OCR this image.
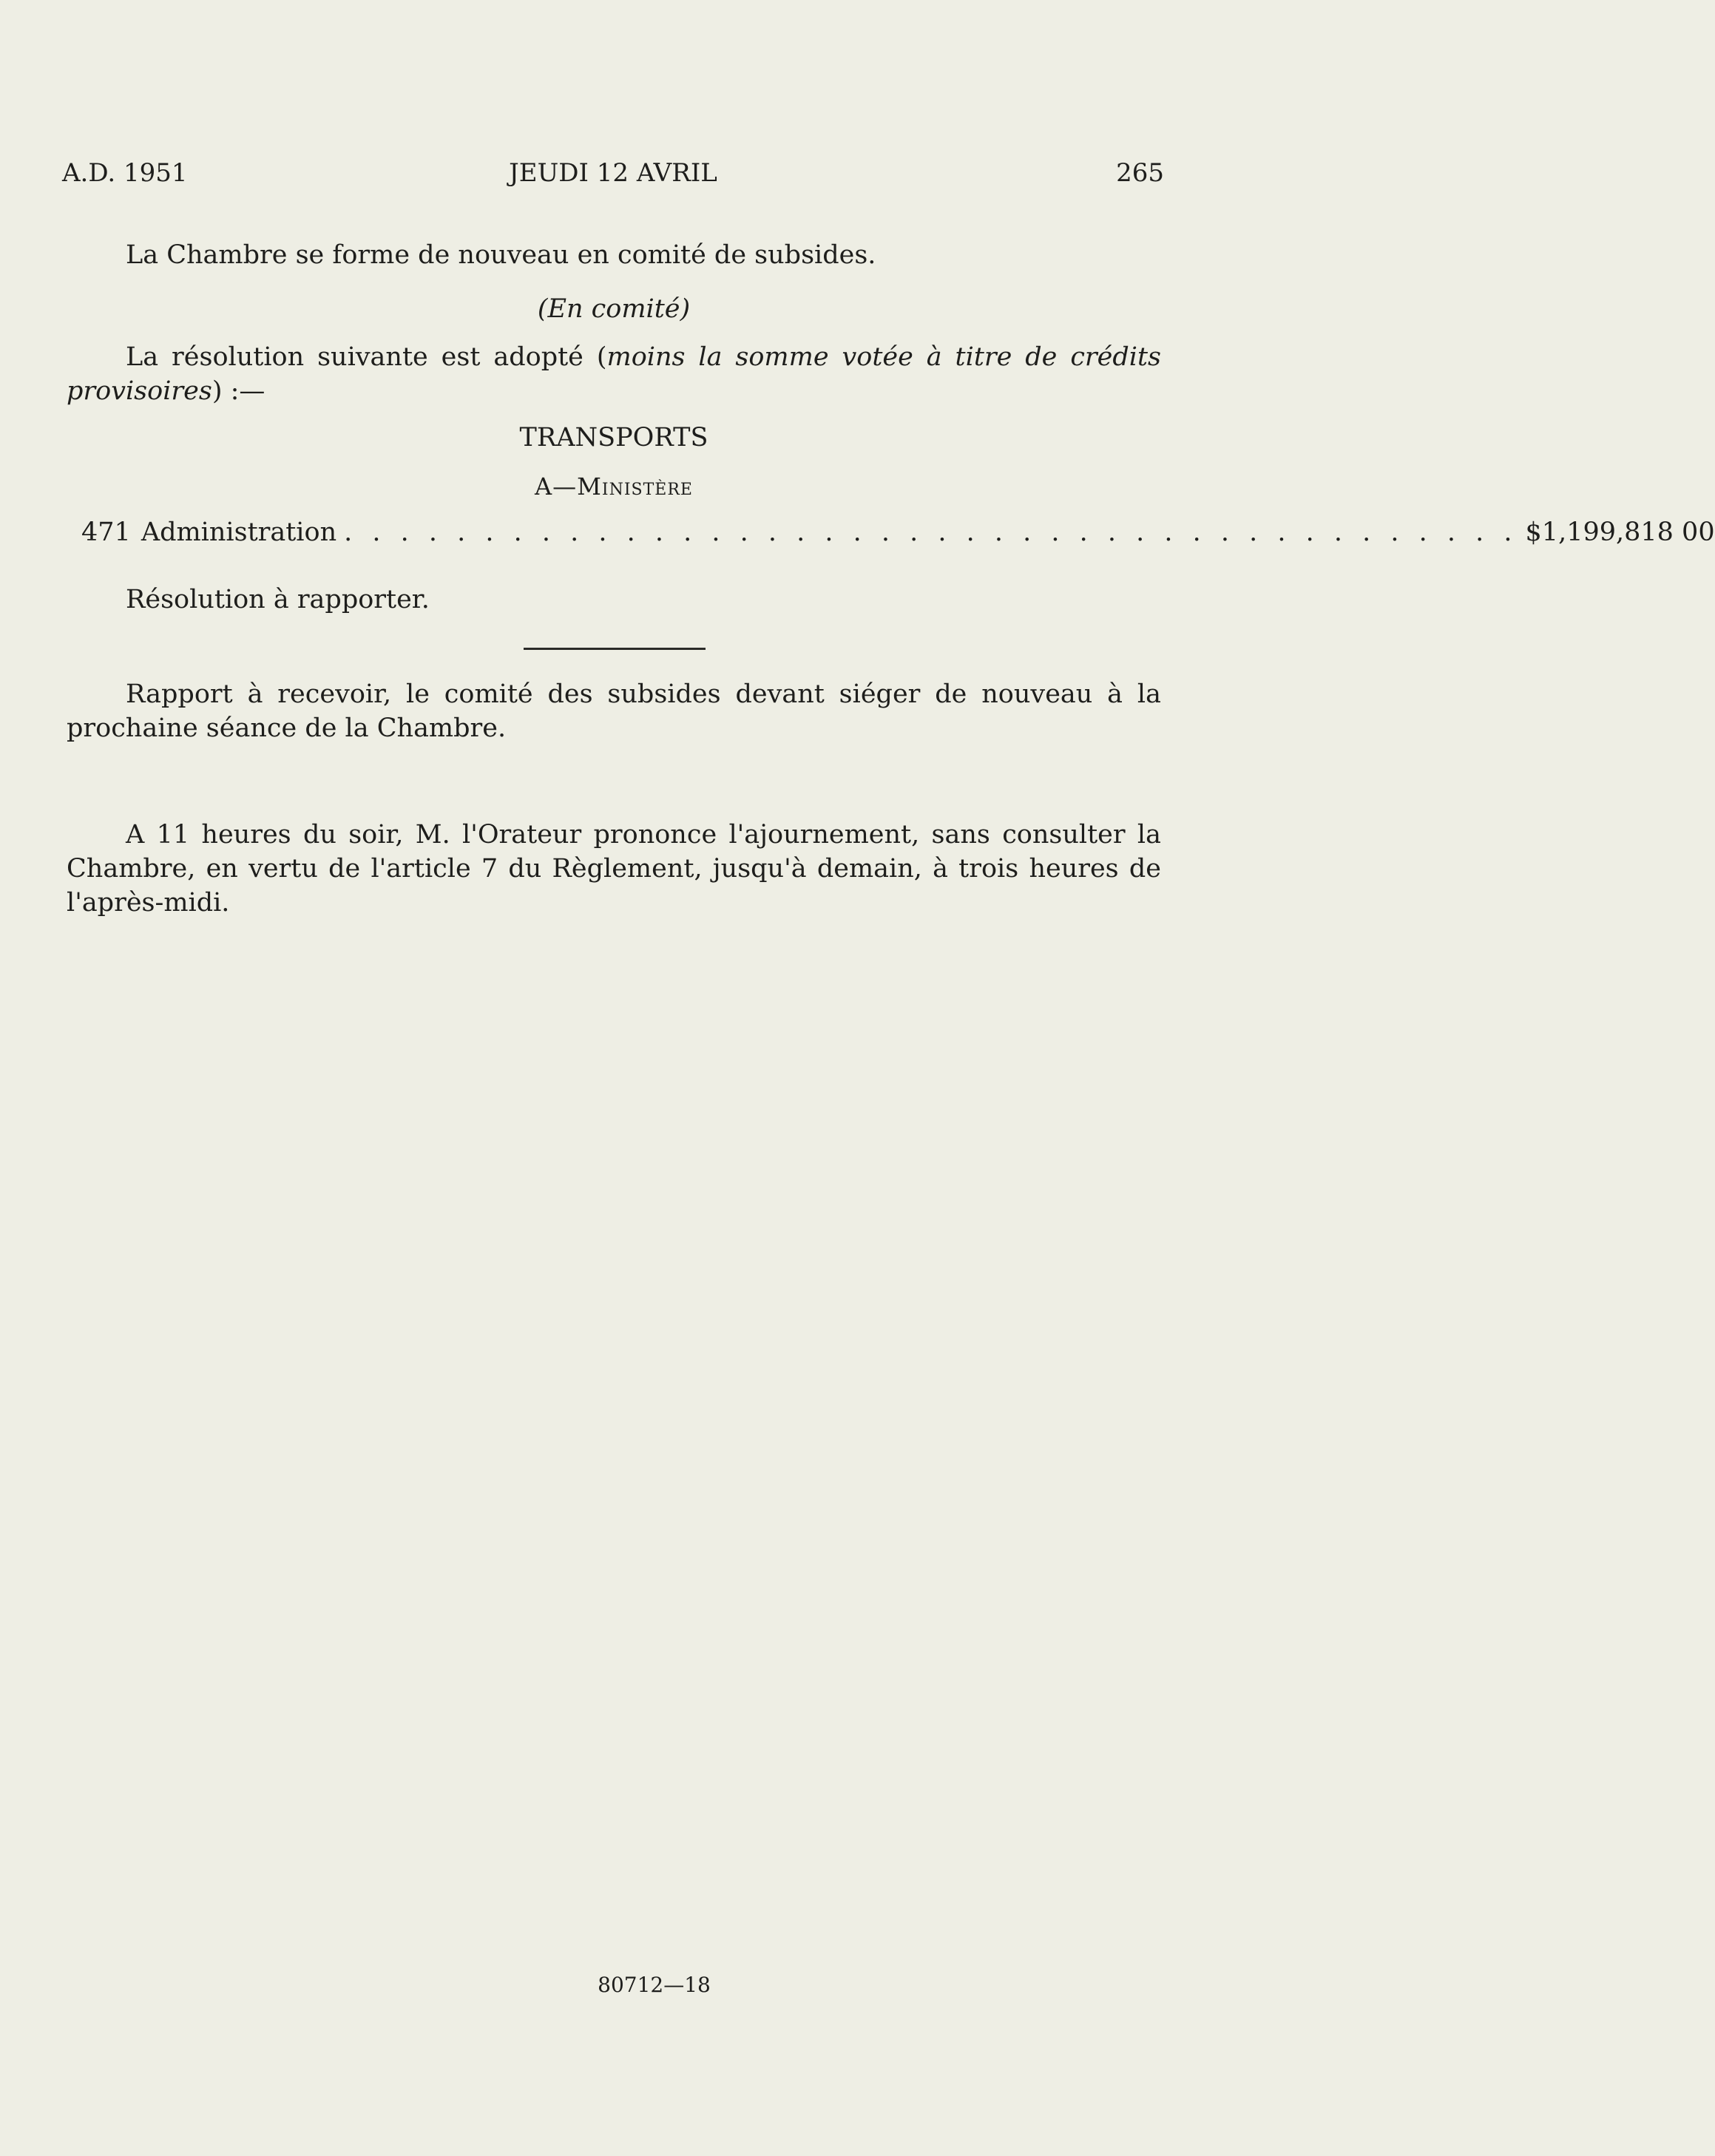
A.D. 1951	JEUDI 12 AVRIL	265
La Chambre se forme de nouveau en comité de subsides.
(En comité)
La résolution suivante est adopté (moins la somme votée à titre de crédits provisoires) :—
TRANSPORTS
A—Ministère
471 Administration . . . . . . . . . . . . . . . . . . . . . . . . . . . . . . . . . . . . . . . . . . $1,199,818 00
Résolution à rapporter.
Rapport à recevoir, le comité des subsides devant siéger de nouveau à la prochaine séance de la Chambre.
A 11 heures du soir, M. l'Orateur prononce l'ajournement, sans consulter la Chambre, en vertu de l'article 7 du Règlement, jusqu'à demain, à trois heures de l'après-midi.
80712—18
